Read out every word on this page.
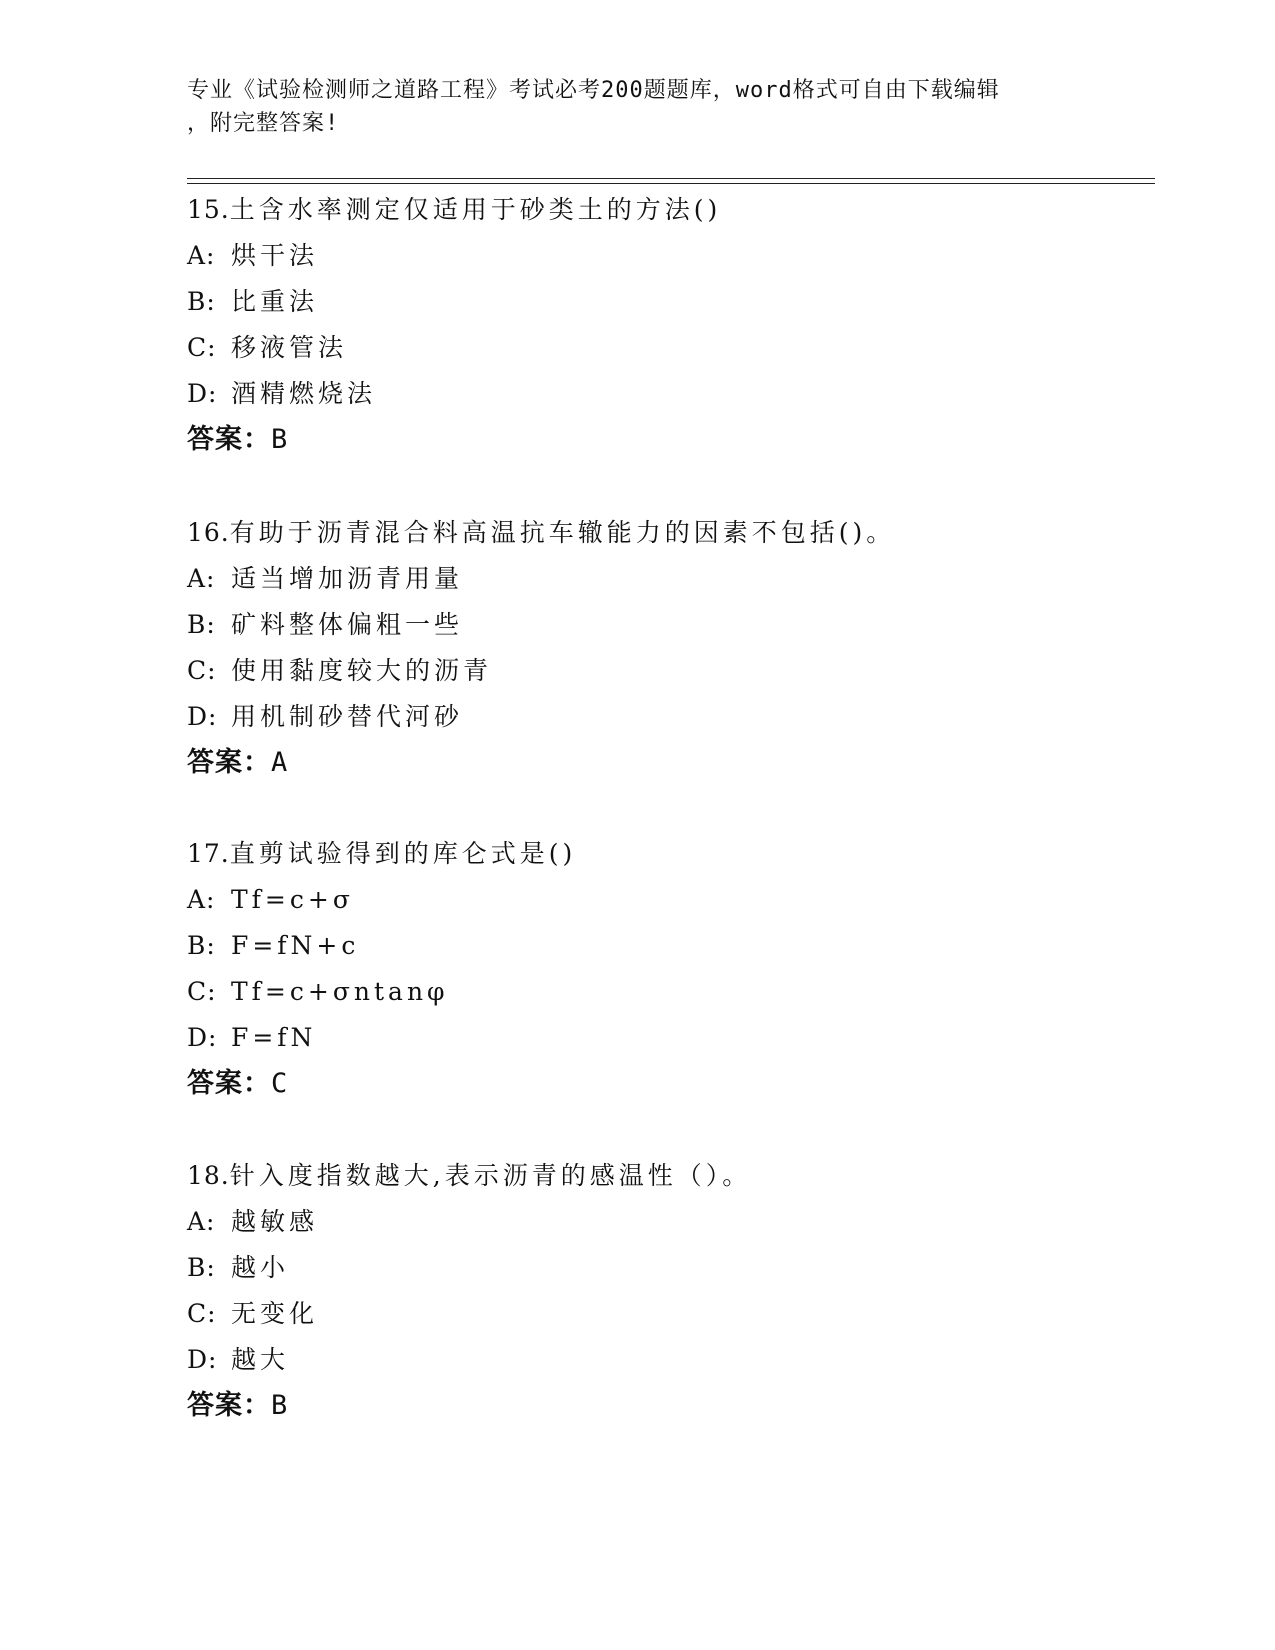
专业《试验检测师之道路工程》考试必考200题题库，word格式可自由下载编辑
，附完整答案!
15.土含水率测定仅适用于砂类土的方法()
A: 烘干法
B: 比重法
C: 移液管法
D: 酒精燃烧法
答案：B
16.有助于沥青混合料高温抗车辙能力的因素不包括()。
A: 适当增加沥青用量
B: 矿料整体偏粗一些
C: 使用黏度较大的沥青
D: 用机制砂替代河砂
答案：A
17.直剪试验得到的库仑式是()
A: Tf=c+σ
B: F=fN+c
C: Tf=c+σntanφ
D: F=fN
答案：C
18.针入度指数越大,表示沥青的感温性（）。
A: 越敏感
B: 越小
C: 无变化
D: 越大
答案：B
